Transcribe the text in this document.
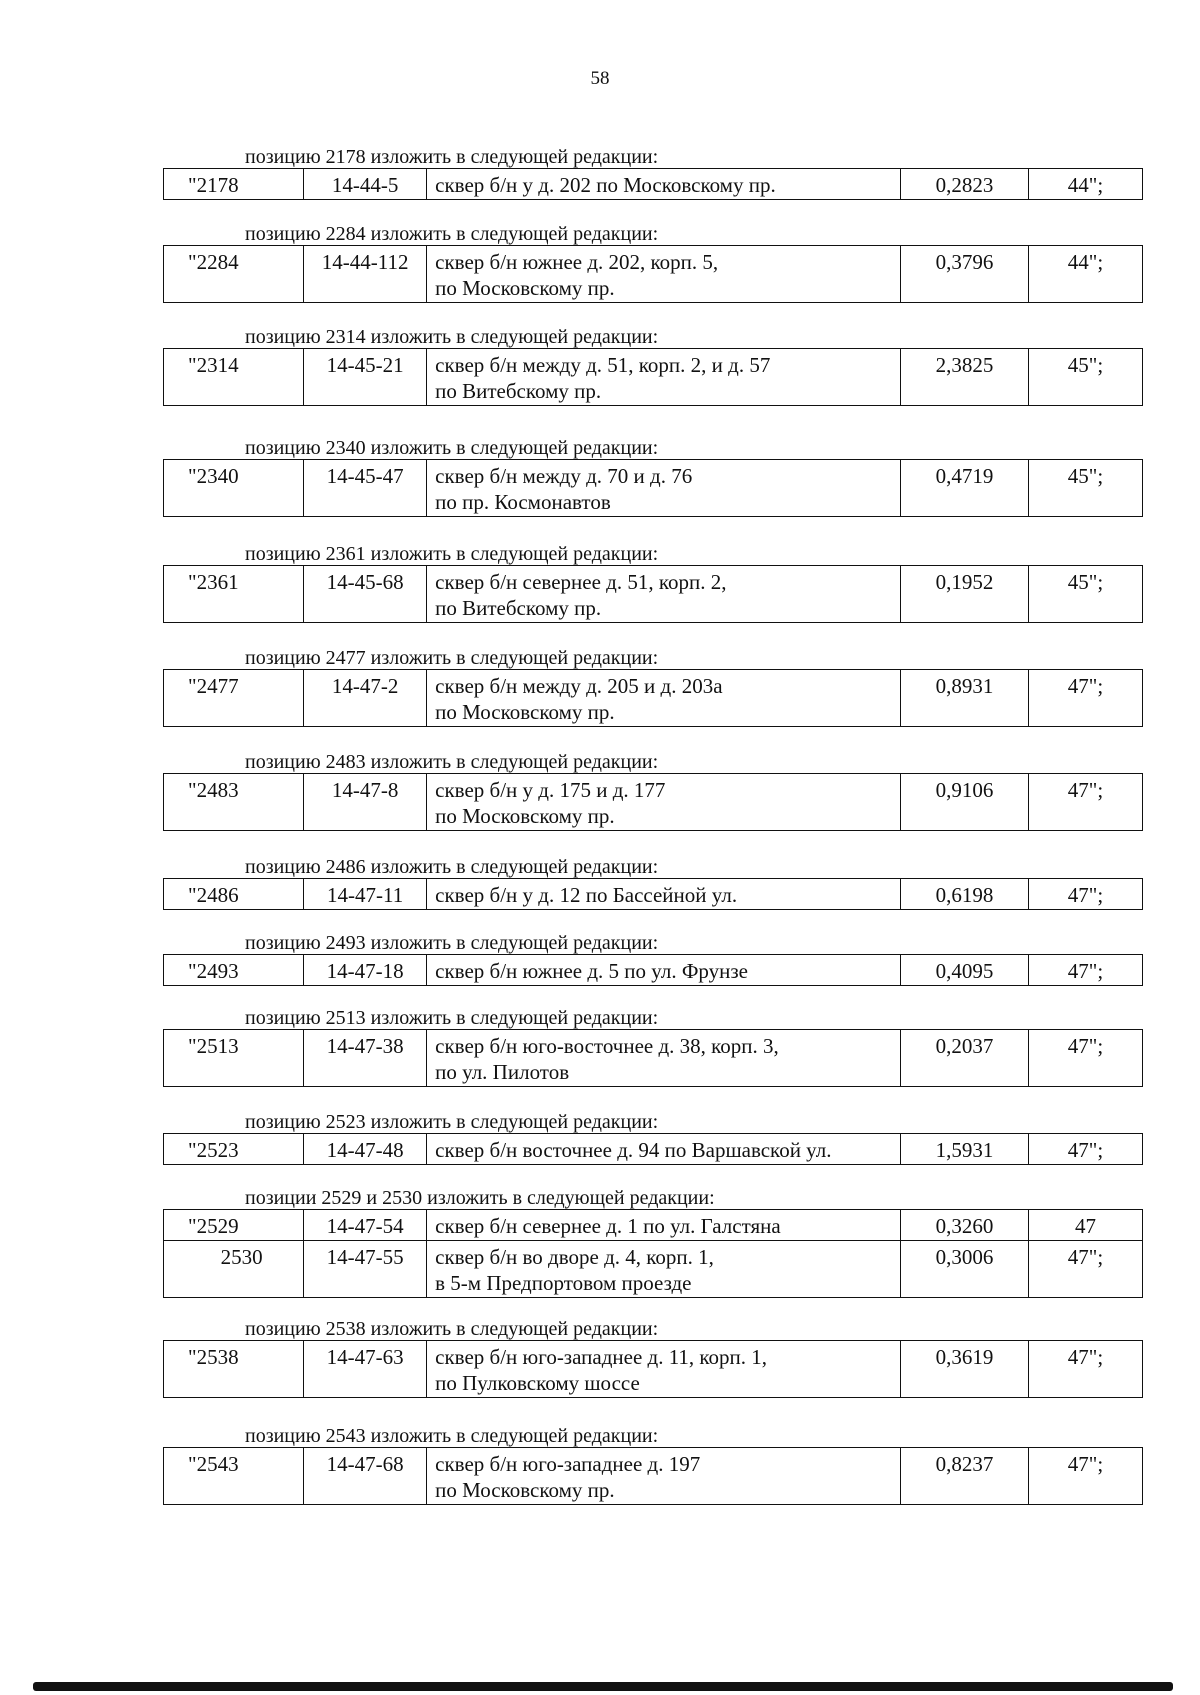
58
позицию 2178 изложить в следующей редакции:
"2178	14-44-5	сквер б/н у д. 202 по Московскому пр.	0,2823	44";
позицию 2284 изложить в следующей редакции:
"2284	14-44-112	сквер б/н южнее д. 202, корп. 5,
по Московскому пр.
	0,3796	44";
позицию 2314 изложить в следующей редакции:
"2314	14-45-21	сквер б/н между д. 51, корп. 2, и д. 57
по Витебскому пр.
	2,3825	45";
позицию 2340 изложить в следующей редакции:
"2340	14-45-47	сквер б/н между д. 70 и д. 76
по пр. Космонавтов
	0,4719	45";
позицию 2361 изложить в следующей редакции:
"2361	14-45-68	сквер б/н севернее д. 51, корп. 2,
по Витебскому пр.
	0,1952	45";
позицию 2477 изложить в следующей редакции:
"2477	14-47-2	сквер б/н между д. 205 и д. 203а
по Московскому пр.
	0,8931	47";
позицию 2483 изложить в следующей редакции:
"2483	14-47-8	сквер б/н у д. 175 и д. 177
по Московскому пр.
	0,9106	47";
позицию 2486 изложить в следующей редакции:
"2486	14-47-11	сквер б/н у д. 12 по Бассейной ул.	0,6198	47";
позицию 2493 изложить в следующей редакции:
"2493	14-47-18	сквер б/н южнее д. 5 по ул. Фрунзе	0,4095	47";
позицию 2513 изложить в следующей редакции:
"2513	14-47-38	сквер б/н юго-восточнее д. 38, корп. 3,
по ул. Пилотов
	0,2037	47";
позицию 2523 изложить в следующей редакции:
"2523	14-47-48	сквер б/н восточнее д. 94 по Варшавской ул.	1,5931	47";
позиции 2529 и 2530 изложить в следующей редакции:
"2529	14-47-54	сквер б/н севернее д. 1 по ул. Галстяна	0,3260	47
2530	14-47-55	сквер б/н во дворе д. 4, корп. 1,
в 5-м Предпортовом проезде	0,3006	47";
позицию 2538 изложить в следующей редакции:
"2538	14-47-63	сквер б/н юго-западнее д. 11, корп. 1,
по Пулковскому шоссе
	0,3619	47";
позицию 2543 изложить в следующей редакции:
"2543	14-47-68	сквер б/н юго-западнее д. 197
по Московскому пр.
	0,8237	47";
